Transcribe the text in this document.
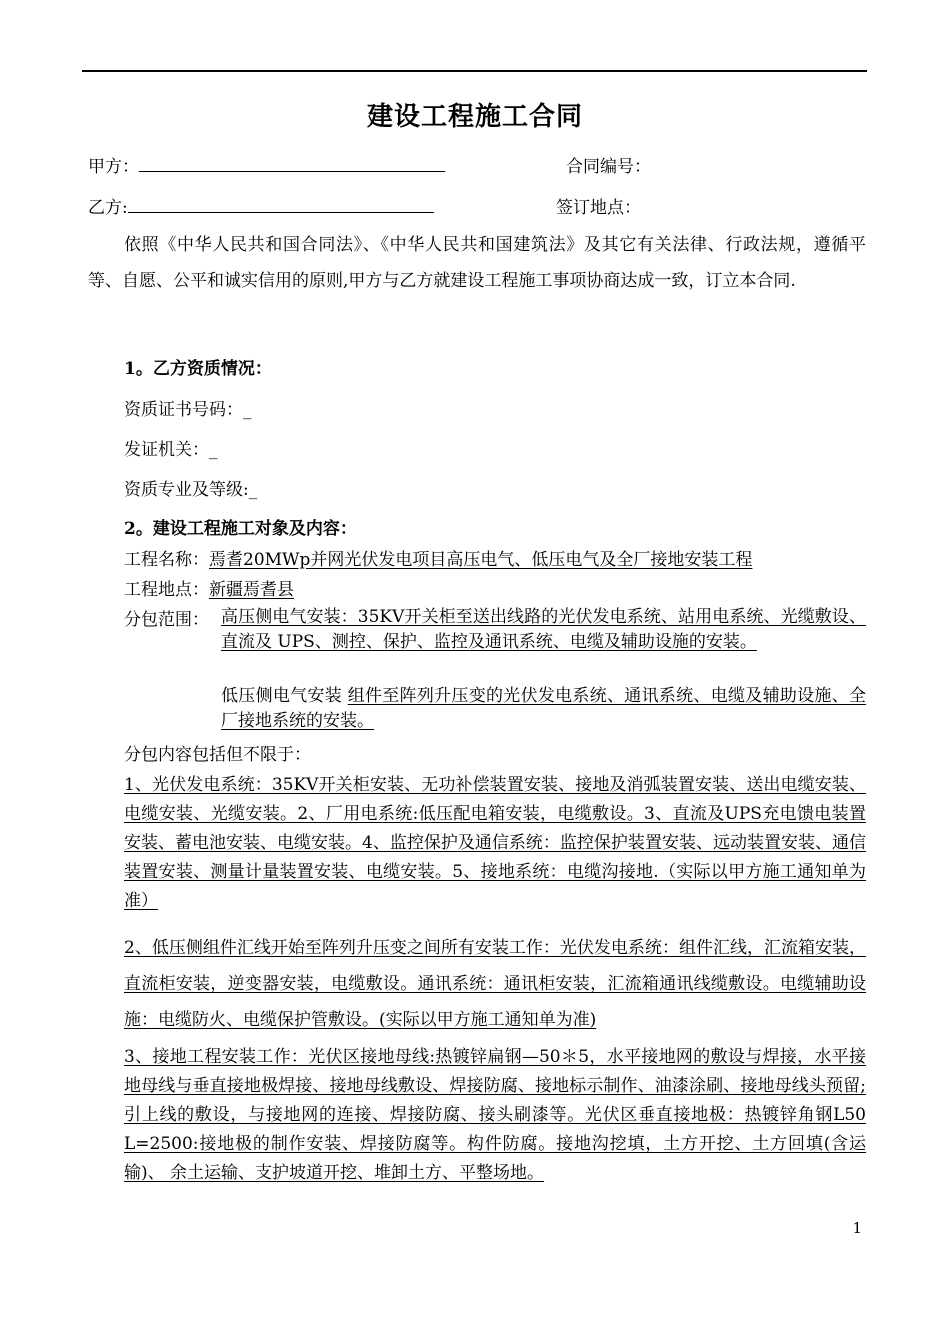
建设工程施工合同
甲方：	合同编号：
乙方:	签订地点：
依照《中华人民共和国合同法》、《中华人民共和国建筑法》及其它有关法律、行政法规，遵循平等、自愿、公平和诚实信用的原则,甲方与乙方就建设工程施工事项协商达成一致，订立本合同.
1。乙方资质情况：
资质证书号码：_
发证机关：_
资质专业及等级:_
2。建设工程施工对象及内容：
工程名称：焉耆20MWp并网光伏发电项目高压电气、低压电气及全厂接地安装工程
工程地点：新疆焉耆县
分包范围： 高压侧电气安装：35KV开关柜至送出线路的光伏发电系统、站用电系统、光缆敷设、直流及 UPS、测控、保护、监控及通讯系统、电缆及辅助设施的安装。
低压侧电气安装 组件至阵列升压变的光伏发电系统、通讯系统、电缆及辅助设施、全厂接地系统的安装。
分包内容包括但不限于：
1、光伏发电系统：35KV开关柜安装、无功补偿装置安装、接地及消弧装置安装、送出电缆安装、电缆安装、光缆安装。2、厂用电系统:低压配电箱安装，电缆敷设。3、直流及UPS充电馈电装置安装、蓄电池安装、电缆安装。4、监控保护及通信系统：监控保护装置安装、远动装置安装、通信装置安装、测量计量装置安装、电缆安装。5、接地系统：电缆沟接地.（实际以甲方施工通知单为准）
2、低压侧组件汇线开始至阵列升压变之间所有安装工作：光伏发电系统：组件汇线，汇流箱安装，直流柜安装，逆变器安装，电缆敷设。通讯系统：通讯柜安装，汇流箱通讯线缆敷设。电缆辅助设施：电缆防火、电缆保护管敷设。(实际以甲方施工通知单为准)
3、接地工程安装工作：光伏区接地母线:热镀锌扁钢—50＊5，水平接地网的敷设与焊接，水平接地母线与垂直接地极焊接、接地母线敷设、焊接防腐、接地标示制作、油漆涂刷、接地母线头预留;引上线的敷设，与接地网的连接、焊接防腐、接头刷漆等。光伏区垂直接地极：热镀锌角钢L50 L=2500:接地极的制作安装、焊接防腐等。构件防腐。接地沟挖填，土方开挖、土方回填(含运输)、 余土运输、支护坡道开挖、堆卸土方、平整场地。
1
